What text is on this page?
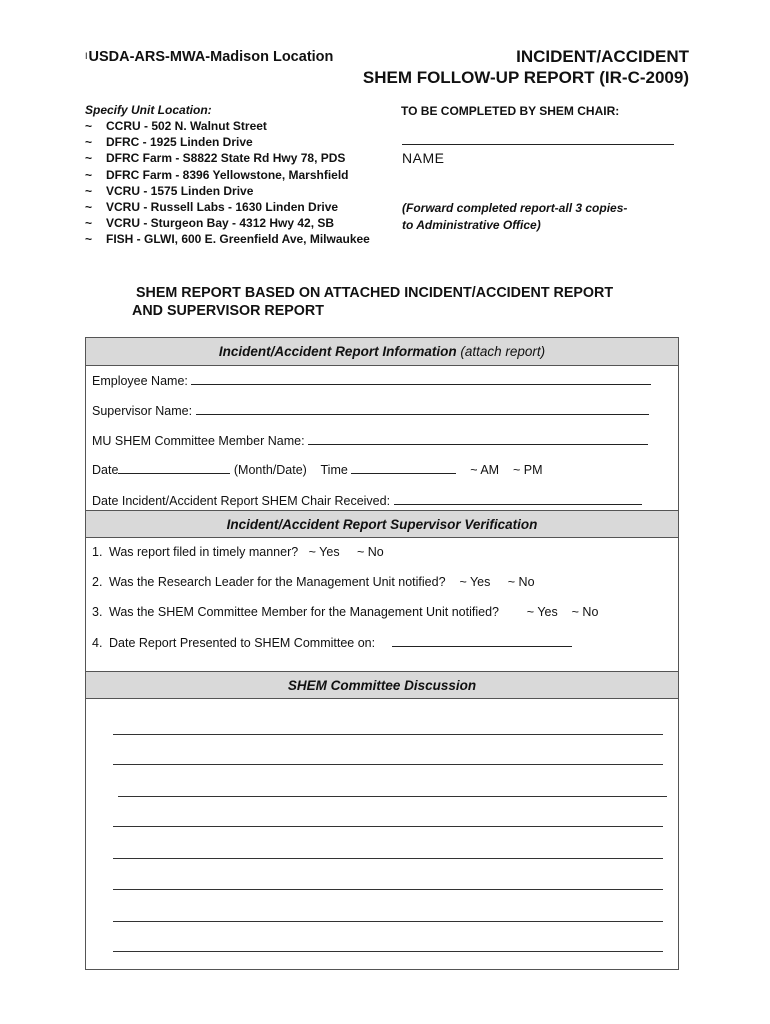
IUSDA-ARS-MWA-Madison Location	INCIDENT/ACCIDENT
SHEM FOLLOW-UP REPORT (IR-C-2009)
Specify Unit Location:
~ CCRU - 502 N. Walnut Street
~ DFRC - 1925 Linden Drive
~ DFRC Farm - S8822 State Rd Hwy 78, PDS
~ DFRC Farm - 8396 Yellowstone, Marshfield
~ VCRU - 1575 Linden Drive
~ VCRU - Russell Labs - 1630 Linden Drive
~ VCRU - Sturgeon Bay - 4312 Hwy 42, SB
~ FISH - GLWI, 600 E. Greenfield Ave, Milwaukee
TO BE COMPLETED BY SHEM CHAIR:
NAME
(Forward completed report-all 3 copies-
to Administrative Office)
SHEM REPORT BASED ON ATTACHED INCIDENT/ACCIDENT REPORT
AND SUPERVISOR REPORT
Incident/Accident Report Information (attach report)
Employee Name:
Supervisor Name:
MU SHEM Committee Member Name:
Date	(Month/Date) Time	~ AM ~ PM
Date Incident/Accident Report SHEM Chair Received:
Incident/Accident Report Supervisor Verification
1. Was report filed in timely manner? ~ Yes ~ No
2. Was the Research Leader for the Management Unit notified? ~ Yes ~ No
3. Was the SHEM Committee Member for the Management Unit notified? ~ Yes ~ No
4. Date Report Presented to SHEM Committee on:
SHEM Committee Discussion
